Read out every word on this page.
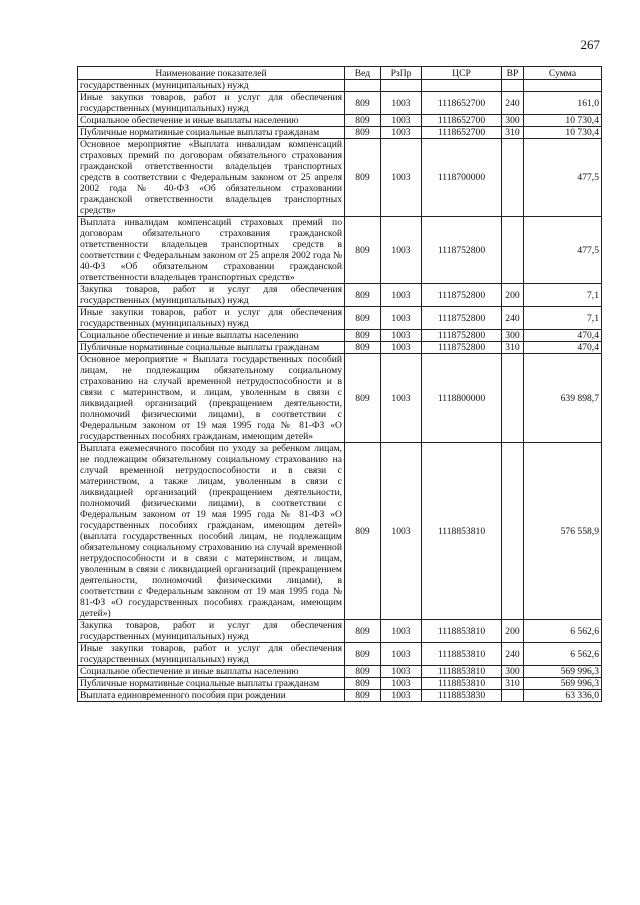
267
Наименование показателей	Вед	РзПр	ЦСР	ВР	Сумма
государственных (муниципальных) нужд					
Иные закупки товаров, работ и услуг для обеспечения государственных (муниципальных) нужд	809	1003	1118652700	240	161,0
Социальное обеспечение и иные выплаты населению	809	1003	1118652700	300	10 730,4
Публичные нормативные социальные выплаты гражданам	809	1003	1118652700	310	10 730,4
Основное мероприятие «Выплата инвалидам компенсаций страховых премий по договорам обязательного страхования гражданской ответственности владельцев транспортных средств в соответствии с Федеральным законом от 25 апреля 2002 года № 40-ФЗ «Об обязательном страховании гражданской ответственности владельцев транспортных средств»	809	1003	1118700000		477,5
Выплата инвалидам компенсаций страховых премий по договорам обязательного страхования гражданской ответственности владельцев транспортных средств в соответствии с Федеральным законом от 25 апреля 2002 года № 40-ФЗ «Об обязательном страховании гражданской ответственности владельцев транспортных средств»	809	1003	1118752800		477,5
Закупка товаров, работ и услуг для обеспечения государственных (муниципальных) нужд	809	1003	1118752800	200	7,1
Иные закупки товаров, работ и услуг для обеспечения государственных (муниципальных) нужд	809	1003	1118752800	240	7,1
Социальное обеспечение и иные выплаты населению	809	1003	1118752800	300	470,4
Публичные нормативные социальные выплаты гражданам	809	1003	1118752800	310	470,4
Основное мероприятие « Выплата государственных пособий лицам, не подлежащим обязательному социальному страхованию на случай временной нетрудоспособности и в связи с материнством, и лицам, уволенным в связи с ликвидацией организаций (прекращением деятельности, полномочий физическими лицами), в соответствии с Федеральным законом от 19 мая 1995 года № 81-ФЗ «О государственных пособиях гражданам, имеющим детей»	809	1003	1118800000		639 898,7
Выплата ежемесячного пособия по уходу за ребенком лицам, не подлежащим обязательному социальному страхованию на случай временной нетрудоспособности и в связи с материнством, а также лицам, уволенным в связи с ликвидацией организаций (прекращением деятельности, полномочий физическими лицами), в соответствии с Федеральным законом от 19 мая 1995 года № 81-ФЗ «О государственных пособиях гражданам, имеющим детей» (выплата государственных пособий лицам, не подлежащим обязательному социальному страхованию на случай временной нетрудоспособности и в связи с материнством, и лицам, уволенным в связи с ликвидацией организаций (прекращением деятельности, полномочий физическими лицами), в соответствии с Федеральным законом от 19 мая 1995 года № 81-ФЗ «О государственных пособиях гражданам, имеющим детей»)	809	1003	1118853810		576 558,9
Закупка товаров, работ и услуг для обеспечения государственных (муниципальных) нужд	809	1003	1118853810	200	6 562,6
Иные закупки товаров, работ и услуг для обеспечения государственных (муниципальных) нужд	809	1003	1118853810	240	6 562,6
Социальное обеспечение и иные выплаты населению	809	1003	1118853810	300	569 996,3
Публичные нормативные социальные выплаты гражданам	809	1003	1118853810	310	569 996,3
Выплата единовременного пособия при рождении	809	1003	1118853830		63 336,0
